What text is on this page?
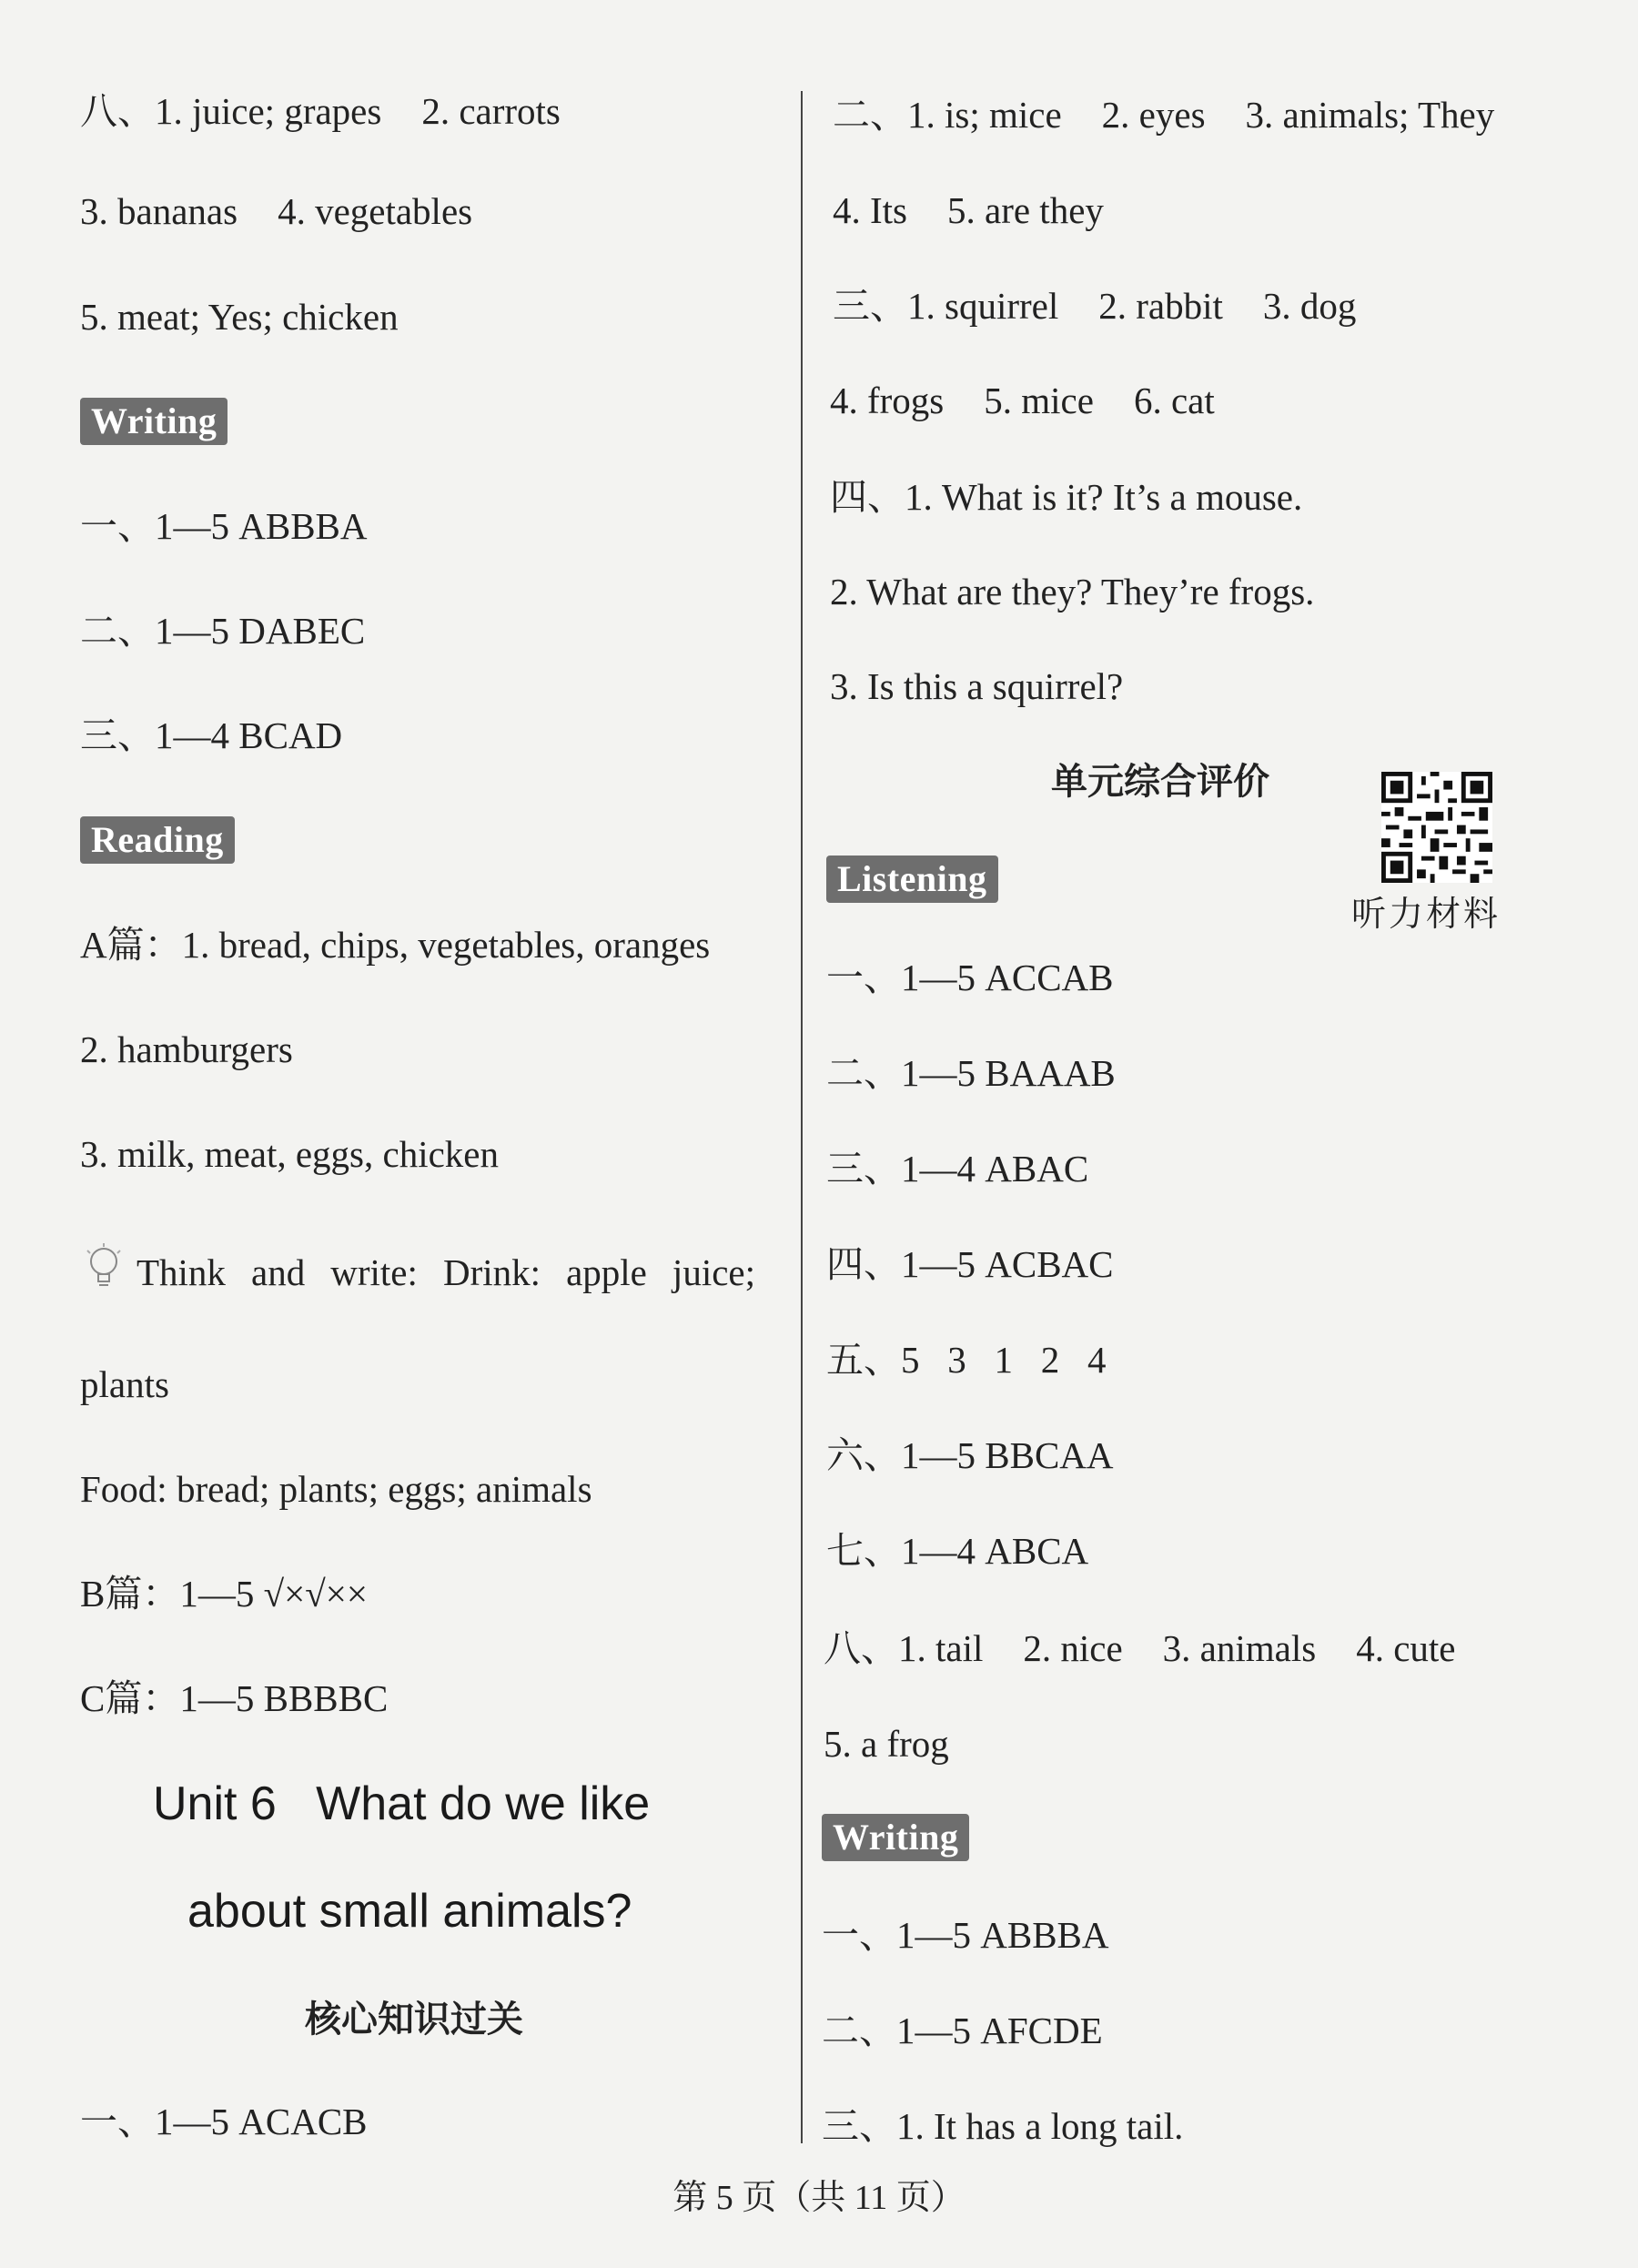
八、1. juice; grapes 2. carrots
3. bananas 4. vegetables
5. meat; Yes; chicken
Writing
一、1—5 ABBBA
二、1—5 DABEC
三、1—4 BCAD
Reading
A篇：1. bread, chips, vegetables, oranges
2. hamburgers
3. milk, meat, eggs, chicken
Think and write: Drink: apple juice;
plants
Food: bread; plants; eggs; animals
B篇：1—5 √×√××
C篇：1—5 BBBBC
Unit 6   What do we like
about small animals?
核心知识过关
一、1—5 ACACB
二、1. is; mice 2. eyes 3. animals; They
4. Its 5. are they
三、1. squirrel 2. rabbit 3. dog
4. frogs 5. mice 6. cat
四、1. What is it? It’s a mouse.
2. What are they? They’re frogs.
3. Is this a squirrel?
单元综合评价
听力材料
Listening
一、1—5 ACCAB
二、1—5 BAAAB
三、1—4 ABAC
四、1—5 ACBAC
五、5   3   1   2   4
六、1—5 BBCAA
七、1—4 ABCA
八、1. tail 2. nice 3. animals 4. cute
5. a frog
Writing
一、1—5 ABBBA
二、1—5 AFCDE
三、1. It has a long tail.
第 5 页（共 11 页）
